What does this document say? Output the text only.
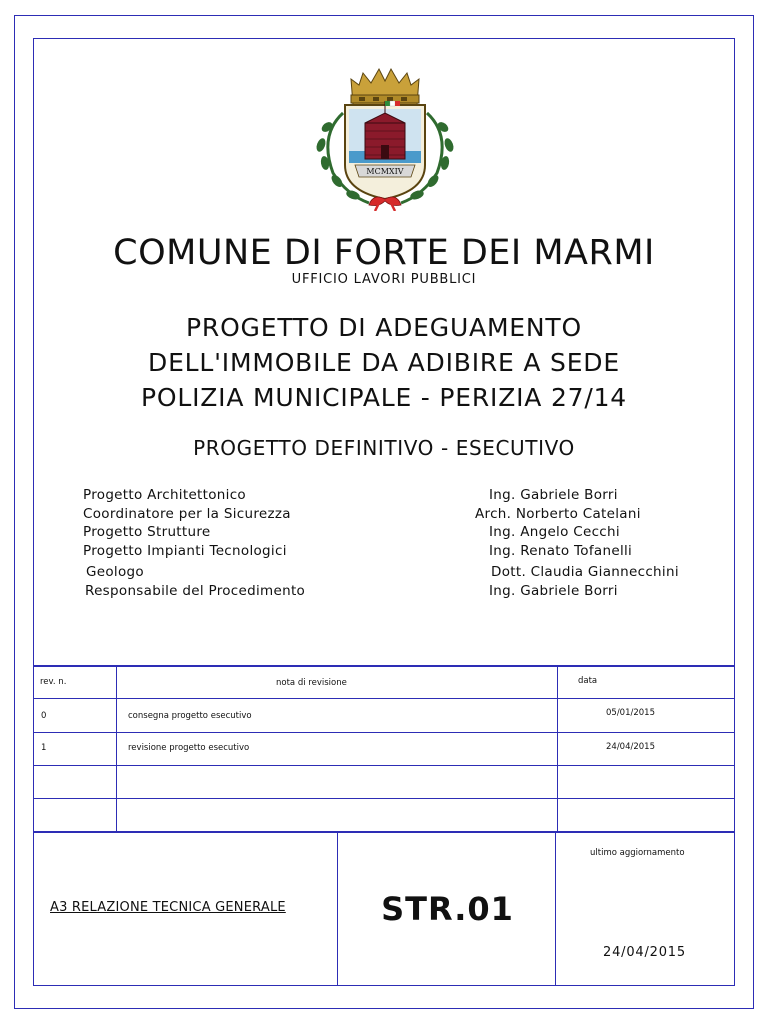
MCMXIV
COMUNE DI FORTE DEI MARMI
UFFICIO LAVORI PUBBLICI
PROGETTO DI ADEGUAMENTO
DELL'IMMOBILE DA ADIBIRE A SEDE
POLIZIA MUNICIPALE - PERIZIA 27/14
PROGETTO DEFINITIVO - ESECUTIVO
Progetto Architettonico	Ing. Gabriele Borri
Coordinatore per la Sicurezza	Arch. Norberto Catelani
Progetto Strutture	Ing. Angelo Cecchi
Progetto Impianti Tecnologici	Ing. Renato Tofanelli
Geologo	Dott. Claudia Giannecchini
Responsabile del Procedimento	Ing. Gabriele Borri
rev. n.	nota di revisione	data
0	consegna progetto esecutivo	05/01/2015
1	revisione progetto esecutivo	24/04/2015
A3 RELAZIONE TECNICA GENERALE	STR.01
ultimo aggiornamento
24/04/2015
